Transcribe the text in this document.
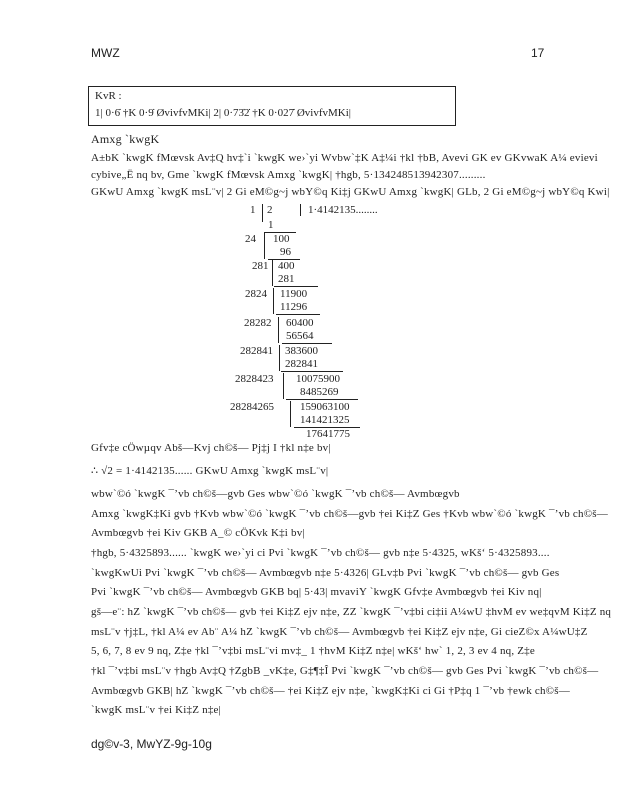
MWZ	17
KvR :
1| 0·6̇ †K 0·9̇ ØvivfvMKi| 2| 0·73̇2̇ †K 0·027̇ ØvivfvMKi|
Amxg `kwgK
A±bK `kwgK fMœvsk Av‡Q hv‡`i `kwgK we›`yi Wvbw`‡K A‡¼i †kl †bB, Avevi GK ev GKvwaK A¼ evievi
cybive„Ë nq bv, Gme `kwgK fMœvsk Amxg `kwgK| †hgb, 5·134248513942307.........
GKwU Amxg `kwgK msL¨v| 2 Gi eM©g~j wbY©q Ki‡j GKwU Amxg `kwgK| GLb, 2 Gi eM©g~j wbY©q Kwi|
1 2	1·4142135........
1
24 100
96
281 400
281
2824 11900
11296
28282 60400
56564
282841 383600
282841
2828423 10075900
8485269
28284265 159063100
141421325
17641775
Gfv‡e cÖwµqv Abš—Kvj ch©š— Pj‡j I †kl n‡e bv|
∴ √2 = 1·4142135...... GKwU Amxg `kwgK msL¨v|
wbw`©ó `kwgK ¯’vb ch©š—gvb Ges wbw`©ó `kwgK ¯’vb ch©š— Avmbœgvb
Amxg `kwgK‡Ki gvb †Kvb wbw`©ó `kwgK ¯’vb ch©š—gvb †ei Ki‡Z Ges †Kvb wbw`©ó `kwgK ¯’vb ch©š—
Avmbœgvb †ei Kiv GKB A_© cÖKvk K‡i bv|
†hgb, 5·4325893...... `kwgK we›`yi ci Pvi `kwgK ¯’vb ch©š— gvb n‡e 5·4325, wKš‘ 5·4325893....
`kwgKwUi Pvi `kwgK ¯’vb ch©š— Avmbœgvb n‡e 5·4326| GLv‡b Pvi `kwgK ¯’vb ch©š— gvb Ges
Pvi `kwgK ¯’vb ch©š— Avmbœgvb GKB bq| 5·43| mvaviY `kwgK Gfv‡e Avmbœgvb †ei Kiv nq|
gš—e¨: hZ `kwgK ¯’vb ch©š— gvb †ei Ki‡Z ejv n‡e, ZZ `kwgK ¯’v‡bi ci‡ii A¼wU ‡hvM ev we‡qvM Ki‡Z nq
msL¨v †j‡L, †kl A¼ ev Ab¨ A¼ hZ `kwgK ¯’vb ch©š— Avmbœgvb †ei Ki‡Z ejv n‡e, Gi cieZ©x A¼wU‡Z
5, 6, 7, 8 ev 9 nq, Z‡e †kl ¯’v‡bi msL¨vi mv‡_ 1 †hvM Ki‡Z n‡e| wKš‘ hw` 1, 2, 3 ev 4 nq, Z‡e
†kl ¯’v‡bi msL¨v †hgb Av‡Q †ZgbB _vK‡e, G‡¶‡Î Pvi `kwgK ¯’vb ch©š— gvb Ges Pvi `kwgK ¯’vb ch©š—
Avmbœgvb GKB| hZ `kwgK ¯’vb ch©š— †ei Ki‡Z ejv n‡e, `kwgK‡Ki ci Gi †P‡q 1 ¯’vb †ewk ch©š—
`kwgK msL¨v †ei Ki‡Z n‡e|
dg©v-3, MwYZ-9g-10g
